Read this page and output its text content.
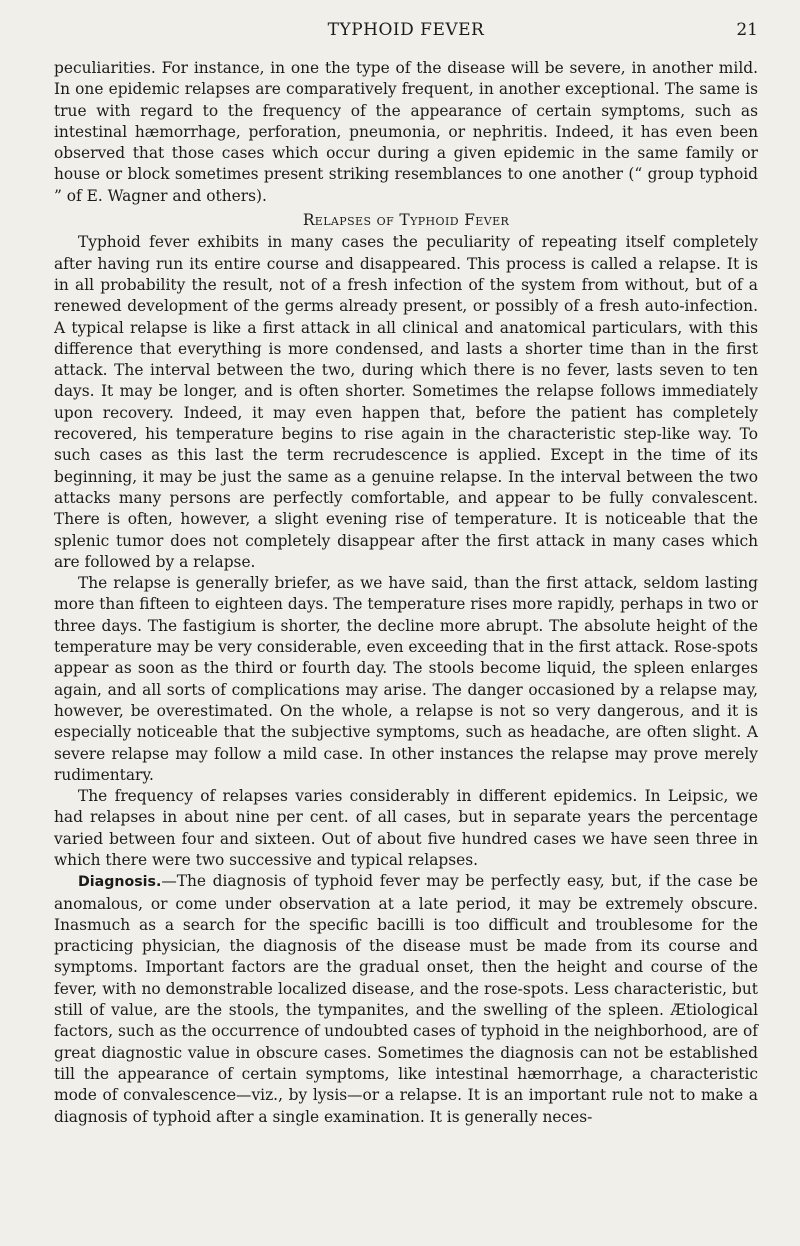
TYPHOID FEVER	21

peculiarities. For instance, in one the type of the disease will be severe, in another mild. In one epidemic relapses are comparatively frequent, in another exceptional. The same is true with regard to the frequency of the appearance of certain symptoms, such as intestinal hæmorrhage, perforation, pneumonia, or nephritis. Indeed, it has even been observed that those cases which occur during a given epidemic in the same family or house or block sometimes present striking resemblances to one another (“ group typhoid ” of E. Wagner and others).

Relapses of Typhoid Fever

Typhoid fever exhibits in many cases the peculiarity of repeating itself completely after having run its entire course and disappeared. This process is called a relapse. It is in all probability the result, not of a fresh infection of the system from without, but of a renewed development of the germs already present, or possibly of a fresh auto-infection. A typical relapse is like a first attack in all clinical and anatomical particulars, with this difference that everything is more condensed, and lasts a shorter time than in the first attack. The interval between the two, during which there is no fever, lasts seven to ten days. It may be longer, and is often shorter. Sometimes the relapse follows immediately upon recovery. Indeed, it may even happen that, before the patient has completely recovered, his temperature begins to rise again in the characteristic step-like way. To such cases as this last the term recrudescence is applied. Except in the time of its beginning, it may be just the same as a genuine relapse. In the interval between the two attacks many persons are perfectly comfortable, and appear to be fully convalescent. There is often, however, a slight evening rise of temperature. It is noticeable that the splenic tumor does not completely disappear after the first attack in many cases which are followed by a relapse.

The relapse is generally briefer, as we have said, than the first attack, seldom lasting more than fifteen to eighteen days. The temperature rises more rapidly, perhaps in two or three days. The fastigium is shorter, the decline more abrupt. The absolute height of the temperature may be very considerable, even exceeding that in the first attack. Rose-spots appear as soon as the third or fourth day. The stools become liquid, the spleen enlarges again, and all sorts of complications may arise. The danger occasioned by a relapse may, however, be overestimated. On the whole, a relapse is not so very dangerous, and it is especially noticeable that the subjective symptoms, such as headache, are often slight. A severe relapse may follow a mild case. In other instances the relapse may prove merely rudimentary.

The frequency of relapses varies considerably in different epidemics. In Leipsic, we had relapses in about nine per cent. of all cases, but in separate years the percentage varied between four and sixteen. Out of about five hundred cases we have seen three in which there were two successive and typical relapses.

Diagnosis.—The diagnosis of typhoid fever may be perfectly easy, but, if the case be anomalous, or come under observation at a late period, it may be extremely obscure. Inasmuch as a search for the specific bacilli is too difficult and troublesome for the practicing physician, the diagnosis of the disease must be made from its course and symptoms. Important factors are the gradual onset, then the height and course of the fever, with no demonstrable localized disease, and the rose-spots. Less characteristic, but still of value, are the stools, the tympanites, and the swelling of the spleen. Ætiological factors, such as the occurrence of undoubted cases of typhoid in the neighborhood, are of great diagnostic value in obscure cases. Sometimes the diagnosis can not be established till the appearance of certain symptoms, like intestinal hæmorrhage, a characteristic mode of convalescence—viz., by lysis—or a relapse. It is an important rule not to make a diagnosis of typhoid after a single examination. It is generally neces-
